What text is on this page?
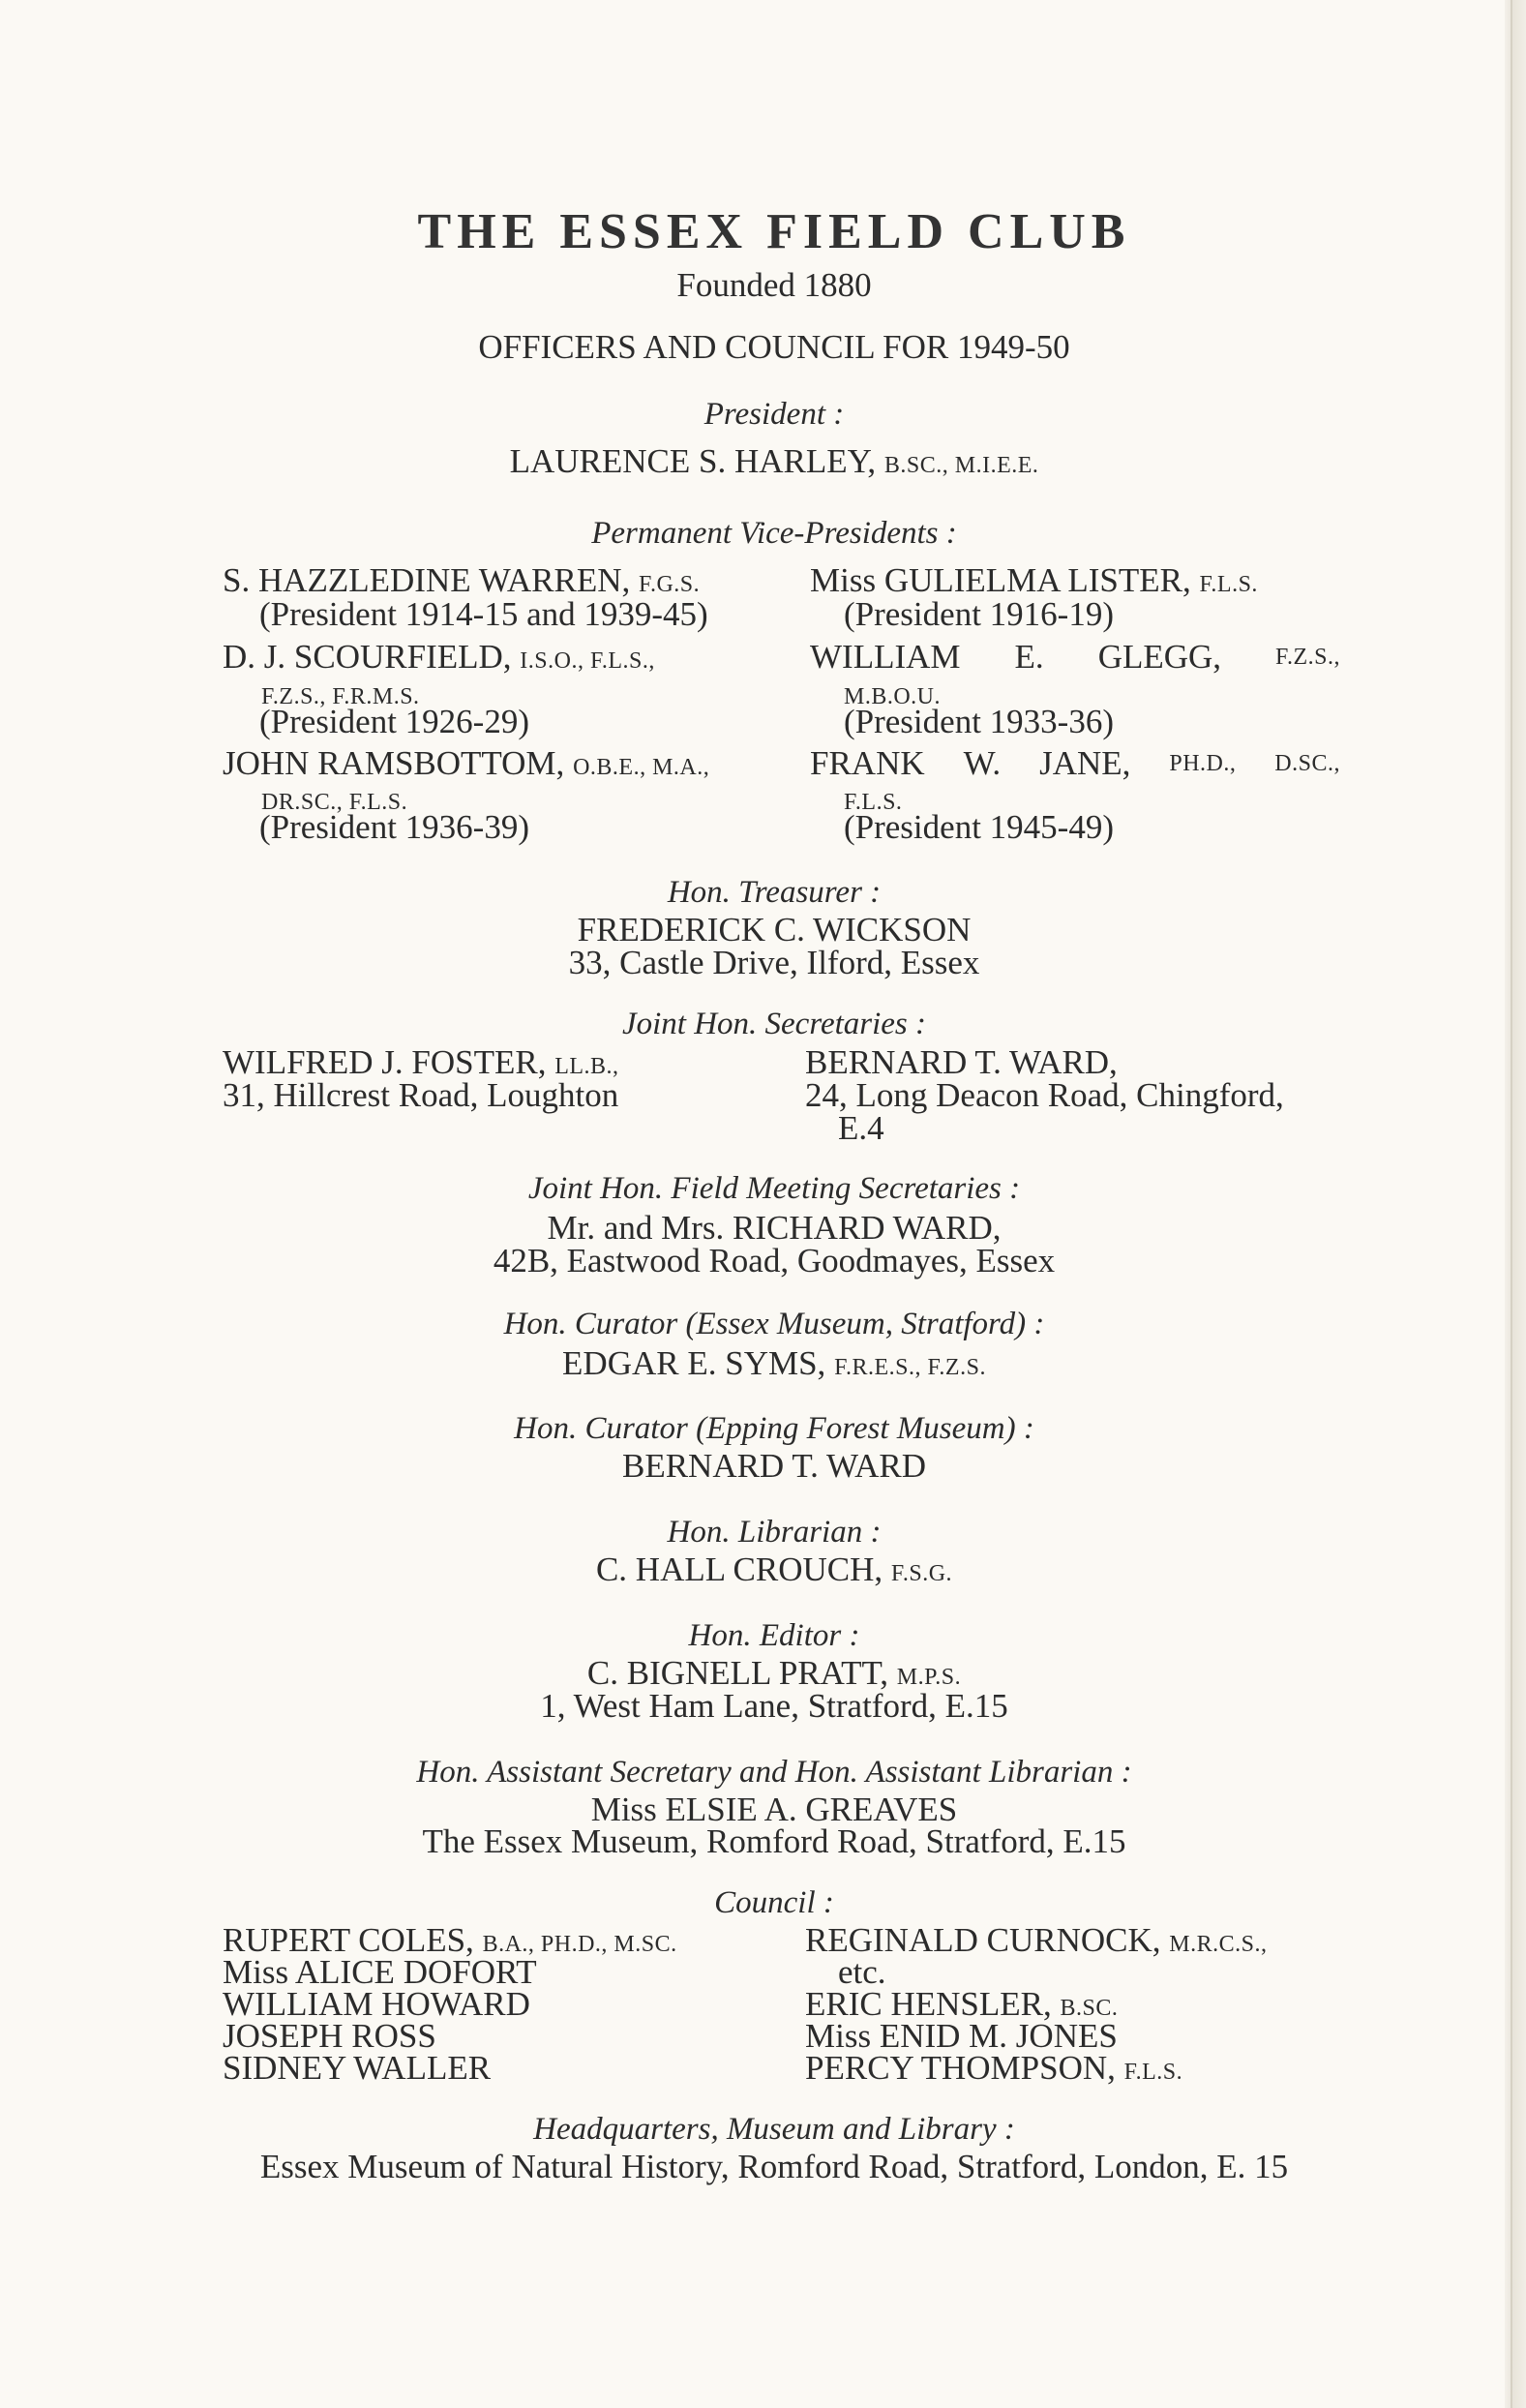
THE ESSEX FIELD CLUB
Founded 1880
OFFICERS AND COUNCIL FOR 1949-50
President :
LAURENCE S. HARLEY, B.SC., M.I.E.E.
Permanent Vice-Presidents :
S. HAZZLEDINE WARREN, F.G.S.
(President 1914-15 and 1939-45)
D. J. SCOURFIELD, I.S.O., F.L.S.,
F.Z.S., F.R.M.S.
(President 1926-29)
JOHN RAMSBOTTOM, O.B.E., M.A.,
DR.SC., F.L.S.
(President 1936-39)
Miss GULIELMA LISTER, F.L.S.
(President 1916-19)
WILLIAM E. GLEGG, F.Z.S.,
M.B.O.U.
(President 1933-36)
FRANK W. JANE, PH.D., D.SC.,
F.L.S.
(President 1945-49)
Hon. Treasurer :
FREDERICK C. WICKSON
33, Castle Drive, Ilford, Essex
Joint Hon. Secretaries :
WILFRED J. FOSTER, LL.B.,
31, Hillcrest Road, Loughton
BERNARD T. WARD,
24, Long Deacon Road, Chingford,
E.4
Joint Hon. Field Meeting Secretaries :
Mr. and Mrs. RICHARD WARD,
42B, Eastwood Road, Goodmayes, Essex
Hon. Curator (Essex Museum, Stratford) :
EDGAR E. SYMS, F.R.E.S., F.Z.S.
Hon. Curator (Epping Forest Museum) :
BERNARD T. WARD
Hon. Librarian :
C. HALL CROUCH, F.S.G.
Hon. Editor :
C. BIGNELL PRATT, M.P.S.
1, West Ham Lane, Stratford, E.15
Hon. Assistant Secretary and Hon. Assistant Librarian :
Miss ELSIE A. GREAVES
The Essex Museum, Romford Road, Stratford, E.15
Council :
RUPERT COLES, B.A., PH.D., M.SC.
Miss ALICE DOFORT
WILLIAM HOWARD
JOSEPH ROSS
SIDNEY WALLER
REGINALD CURNOCK, M.R.C.S.,
etc.
ERIC HENSLER, B.SC.
Miss ENID M. JONES
PERCY THOMPSON, F.L.S.
Headquarters, Museum and Library :
Essex Museum of Natural History, Romford Road, Stratford, London, E. 15
